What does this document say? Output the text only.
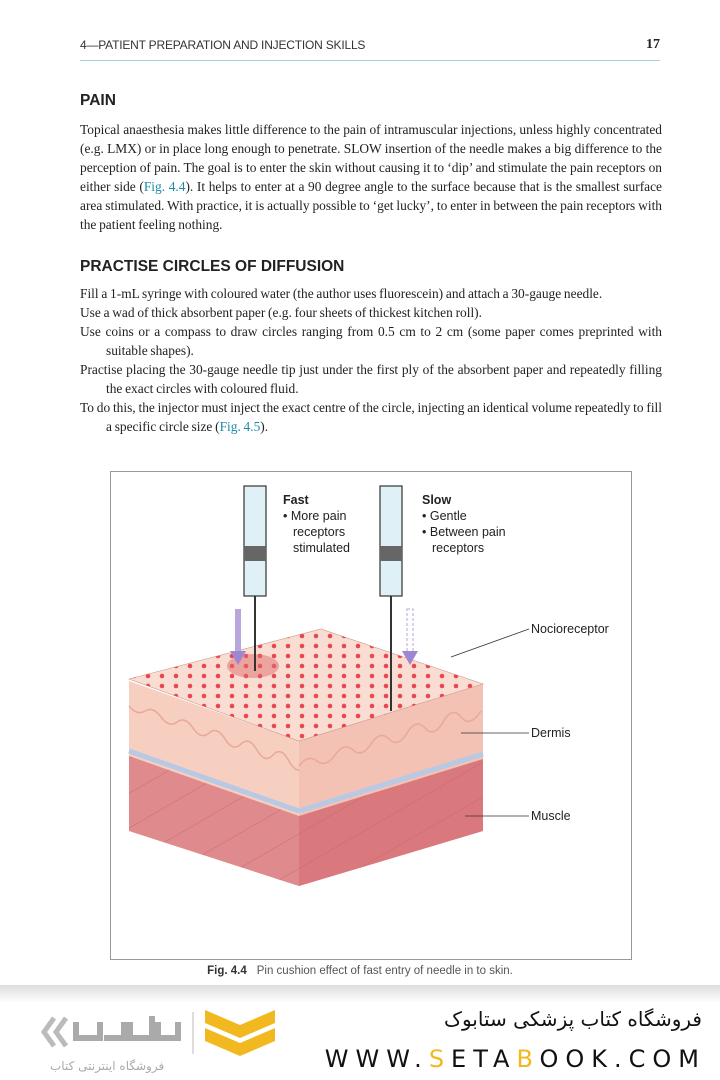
4—PATIENT PREPARATION AND INJECTION SKILLS	17
PAIN

Topical anaesthesia makes little difference to the pain of intramuscular injections, unless highly concentrated (e.g. LMX) or in place long enough to penetrate. SLOW insertion of the needle makes a big difference to the perception of pain. The goal is to enter the skin without causing it to ‘dip’ and stimulate the pain receptors on either side (Fig. 4.4). It helps to enter at a 90 degree angle to the surface because that is the smallest surface area stimulated. With practice, it is actually possible to ‘get lucky’, to enter in between the pain receptors with the patient feeling nothing.

PRACTISE CIRCLES OF DIFFUSION

Fill a 1-mL syringe with coloured water (the author uses fluorescein) and attach a 30-gauge needle.

Use a wad of thick absorbent paper (e.g. four sheets of thickest kitchen roll).

Use coins or a compass to draw circles ranging from 0.5 cm to 2 cm (some paper comes preprinted with suitable shapes).

Practise placing the 30-gauge needle tip just under the first ply of the absorbent paper and repeatedly filling the exact circles with coloured fluid.

To do this, the injector must inject the exact centre of the circle, injecting an identical volume repeatedly to fill a specific circle size (Fig. 4.5).

Fast
• More pain receptors stimulated
Slow
• Gentle
• Between pain receptors
Nocioreceptor
Dermis
Muscle
Fig. 4.4 Pin cushion effect of fast entry of needle in to skin.
فروشگاه اینترنتی کتاب
فروشگاه کتاب پزشکی ستابوک
WWW.SETABOOK.COM
